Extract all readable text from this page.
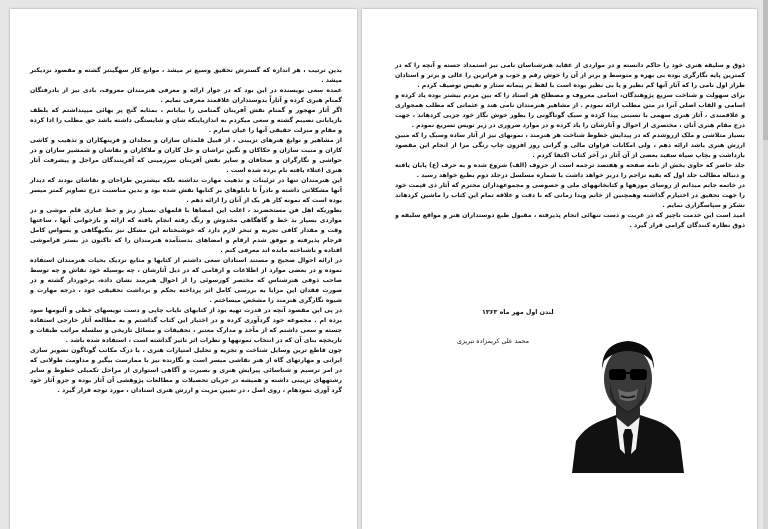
بدین ترتیب ، هر اندازه که گسترش تحقیق وسیع تر میشد ، موانع کار سهگینتر گشته و مقصود نزدیکتر میشد .

عمده سعی نویسنده در این بود که در جوار ارائه و معرفی هنرمندان معروف، بادی نیز از بادرفتگان گمنام هنری کرده و آثاراً بدوستداران علاقمند معرفی نمایم .

اگر آثار مهجور و گمنام نقش آفرینان گمنامی را بیابانم ، بمثابه گنج پر بهائی میپنداشتم که بلطف بازیابانی نصیبم گشته و سعی میکردم به اندازیاینکه شان و شایستگی داشته باشد حق مطلب را ادا کرده و مقام و منزلت حقیقی آنها را عیان سازم .

از مشاهیر و نوابغ هنرهای تزیینی ، از قبیل قلمدان سازان و مجلدان و قرینهکاران و تذهیب و کاشی کاران و منبت سازان و حکاکان و نگین تراشان و حل کاران و ملاکاران و نقاشان و شمشیر سازان و در حواشی و نگارگران و صحافان و سایر نقش آفرینان سرزمینی که آفرینندگان مراحل و پیشرفت آثار هنری اعتلاء یافته نام برده شده است .

این هنرمندان تنها در تزئینات و تذهیب مهارت نداشته بلکه بیشترین طراحان و نقاشان بودند که دیدار آنها مشکلاتی داشته و نادراً تا تابلوهای بر کتابها نقش شده بود و بدین مناسبت درج تصاویر کمتر میسر بوده است که نمونه کار هر یک از آنان را ارائه دهم .

بطوریکه اهل فن مستحضرند ، اغلب این امضاها با قلمهای بسیار ریز و خط عباری قلم موشی و در مواردی بسیار بد خط و گاهگاهی مخدوش و رنگ رفته انجام یافته که ارائه و بازخوانی آنها ، ساعتها وقت و مقدار کافی تجربه و تبحر لازم دارد که خوشبختانه این مشکل نیز بتکیهگاهی و بسواس کامل فرجام پذیرفته و موفق شدم ارقام و امضاهای بدستآمده هنرمندان را که تاکنون در بستر فراموشی افتاده و ناشناخته مانده اند معرفی کنم .

در ارائه احوال صحیح و مستند استادان سعی داشتم از کتابها و منابع نزدیک بحیات هنرمندان استفاده نموده و در بعضی موارد از اطلاعات و ارقامی که در ذیل آثارشان ، چه بوسیله خود نقاش و چه توسط صاحب ذوقی هنرشناس که مختصر کورسوئی را از احوال هنرمند نشان داده، برخوردار گشته و در صورت فقدان این مزایا به بررسی کامل اثر پرداخته بحکم و برداشت تحقیقی خود ، درجه مهارت و شیوه نگارگری هنرمند را مشخص میساختم .

در پی این مقصود آنچه در قدرت تهیه بود از کتابهای نایاب چاپی و دست نویسهای خطی و آلبومها سود برده ام . مجموعه خود گردآوری کرده و در اختیار این کتاب گذاشتم و به مطالعه آثار خارجی استفاده جسته و سعی داشتم که از مآخذ و مدارک معتبر ، تحقیقات و مسائل تاریخی و سلسله مراتب طبقات و تاریخچه بنای آن که در انتخاب نمونهها و نظرات اثر تاثیر گذاشته است ، استفاده شده باشد .

چون قاطع ترین وسایل شناخت و تجزیه و تحلیل امتیازات هنری ، با درک مکاتب گوناگون تصویر سازی ایرانی و مهارتهای گاه از هنر نقاشی میسر است و نگارنده نیز با ممارست بیگیر و مداومت طولانی که در امر ترسیم و شناسائی پیرایش هنری و بصیرت و آگاهی استواری از مراحل تکمیلی خطوط و سایر رشتههای تزیینی داشته و همیشه در جریان تحصیلات و مطالعات پژوهشی آن آثار بوده و جزو آثار خود گرد آوری نمودهام ، روی اصل ، در تعیین مزیت و ارزش هنری استادان ، مورد توجه قرار گیرد .

ذوق و سلیقه هنری خود را حاکم دانسته و در مواردی از عقاید هنرشناسان نامی نیز استمداد جسته و آنچه را که در کمترین پایه نگارگری بوده بی بهره و متوسط و برتر از آن را خوش رقم و خوب و فراترین را عالی و برتر و استادان طراز اول نامی را که آثار آنها کم نظیر و یا بی نظیر بوده است با لفظ یر پیمانه ستار و نفیس توصیف کردم .

برای سهولت و شناخت سریع پژوهندگان، اسامی معروف و مصطلح هر استاد را که بین مردم بیشتر بوده یاد کرده و اسامی و القاب اصلی آنرا در متن مطلب ارائه نمودم . از مشاهیر هنرمندان نامی هند و عثمانی که مطلب همجواری و علاقمندی ، آثار هنری سهمی با نسبتی پیدا کرده و سبک گوناگونی را بطور خوش نگار خود جزیی کردهاند ، جهت درج مقام هنری آنان ، مختصری از احوال و آثارشان را یاد کرده و در موارد ضروری در زیر نویس تسریع نمودم .

بسیار متلاشی و ملک ازروشدم که در پیدایش خطوط شناخت هر هنرمند ، نمونهای نیز از آثار ساده وسبک را که مبین ارزش هنری باشد ارائه دهم ، ولی امکانات فراوان مالی و گرانی روز افزون چاپ رنگی مرا از انجام این مقصود بازداشت و بچاپ سیاه سفید بعضی از آن آثار در آخر کتاب اکتفا کردم .

جلد حاضر که حاوی بخش از نامه صفحه و هفتصد ترجمه است از حروف (الف) شروع شده و به حرف (ع) پایان یافته و دنباله مطالب جلد اول که بقیه تراجم را دربر خواهد داشت با شماره مسلسل درجلد دوم بطبع خواهد رسید .

در خاتمه جانم میدانم از روسای موزهها و کتابخانههای ملی و خصوصی و مجموعهداران محترم که آثار ذی قیمت خود را جهت تحقیق در اختیارم گذاشته وهمچنین از خانم ویدا زمانی که با دقت و علاقه تمام این کتاب را ماشین کردهاند تشکر و سپاسگزاری نمایم .

امید است این خدمت ناچیز که در غربت و دست تنهائی انجام پذیرفته ، مقبول طبع دوستداران هنر و مواقع سلیقه و ذوق نظاره کنندگان گرامی قرار گیرد .

لندن اول مهر ماه ۱۳۶۳
محمد علی کریمزاده تبریزی
